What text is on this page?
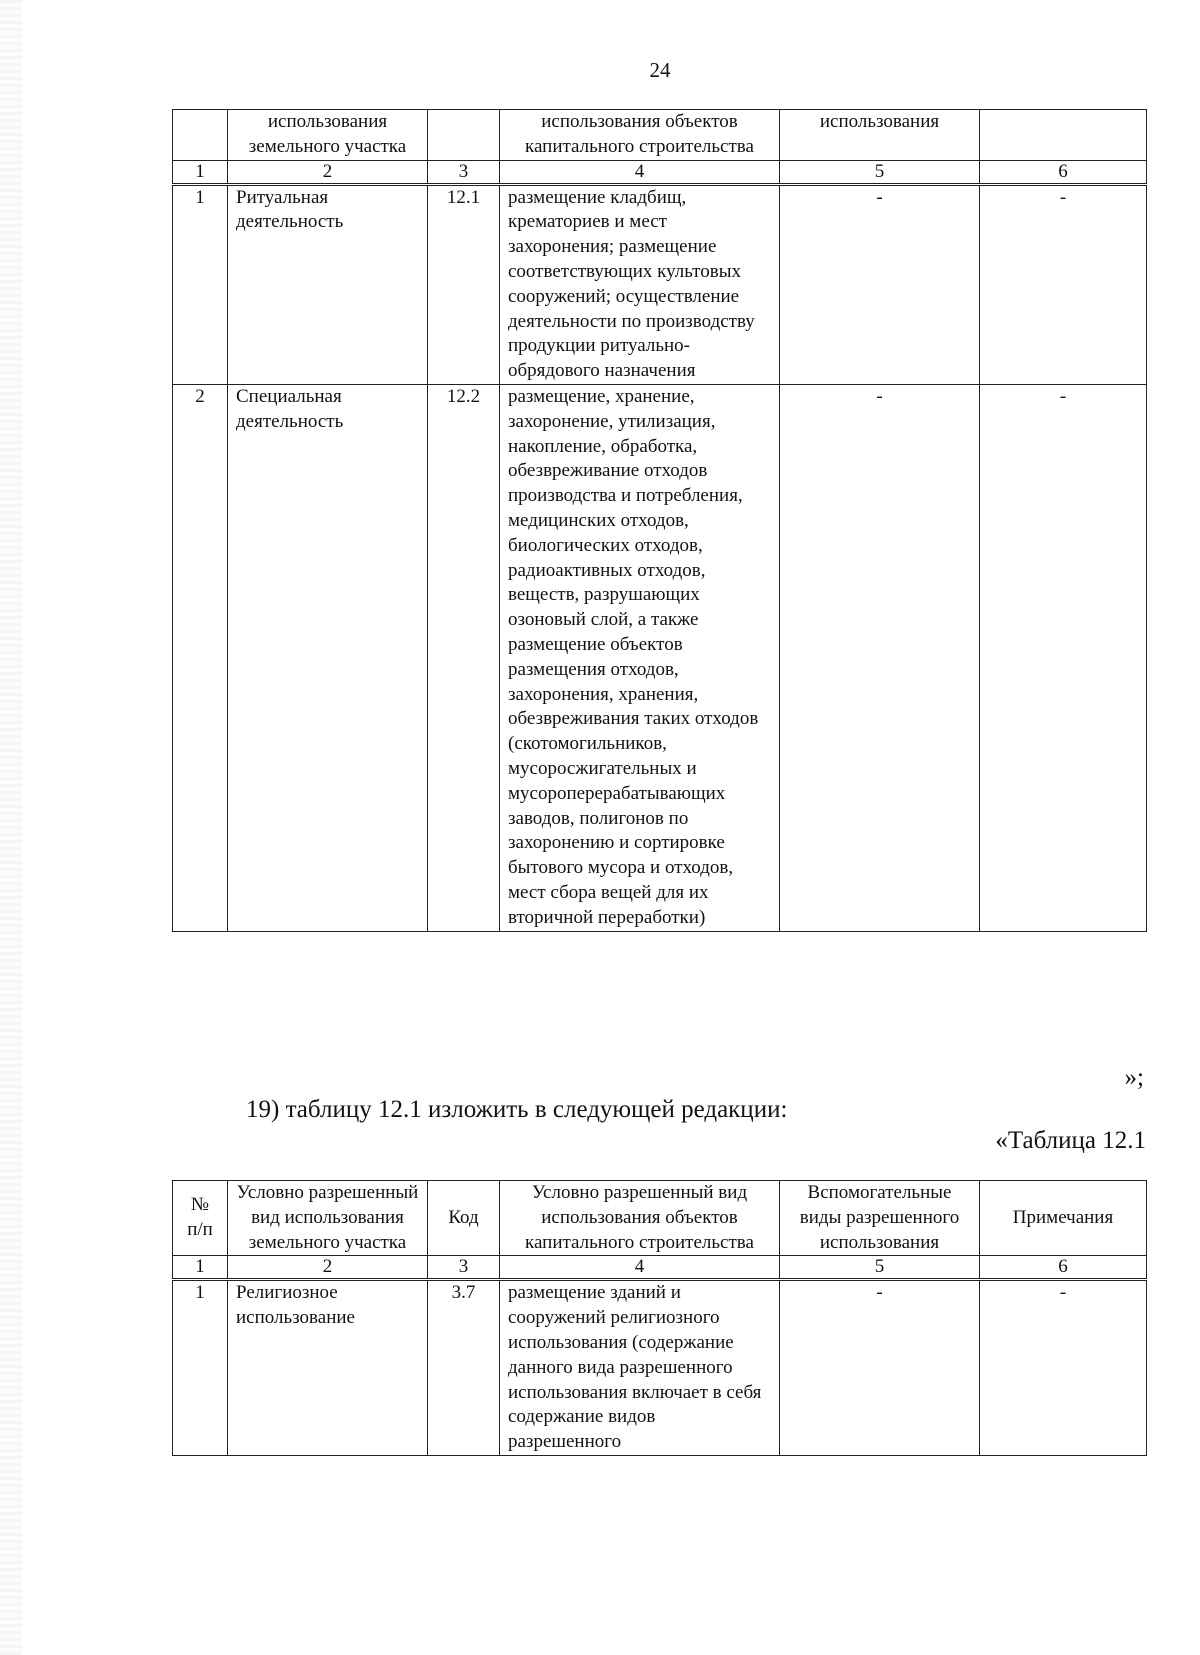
24
	использования земельного участка		использования объектов капитального строительства	использования	
1	2	3	4	5	6
1	Ритуальная деятельность	12.1	размещение кладбищ, крематориев и мест захоронения; размещение соответствующих культовых сооружений; осуществление деятельности по производству продукции ритуально-обрядового назначения	-	-
2	Специальная деятельность	12.2	размещение, хранение, захоронение, утилизация, накопление, обработка, обезвреживание отходов производства и потребления, медицинских отходов, биологических отходов, радиоактивных отходов, веществ, разрушающих озоновый слой, а также размещение объектов размещения отходов, захоронения, хранения, обезвреживания таких отходов (скотомогильников, мусоросжигательных и мусороперерабатывающих заводов, полигонов по захоронению и сортировке бытового мусора и отходов, мест сбора вещей для их вторичной переработки)	-	-
»;
19) таблицу 12.1 изложить в следующей редакции:
«Таблица 12.1
№ п/п	Условно разрешенный вид использования земельного участка	Код	Условно разрешенный вид использования объектов капитального строительства	Вспомогательные виды разрешенного использования	Примечания
1	2	3	4	5	6
1	Религиозное использование	3.7	размещение зданий и сооружений религиозного использования (содержание данного вида разрешенного использования включает в себя содержание видов разрешенного	-	-
